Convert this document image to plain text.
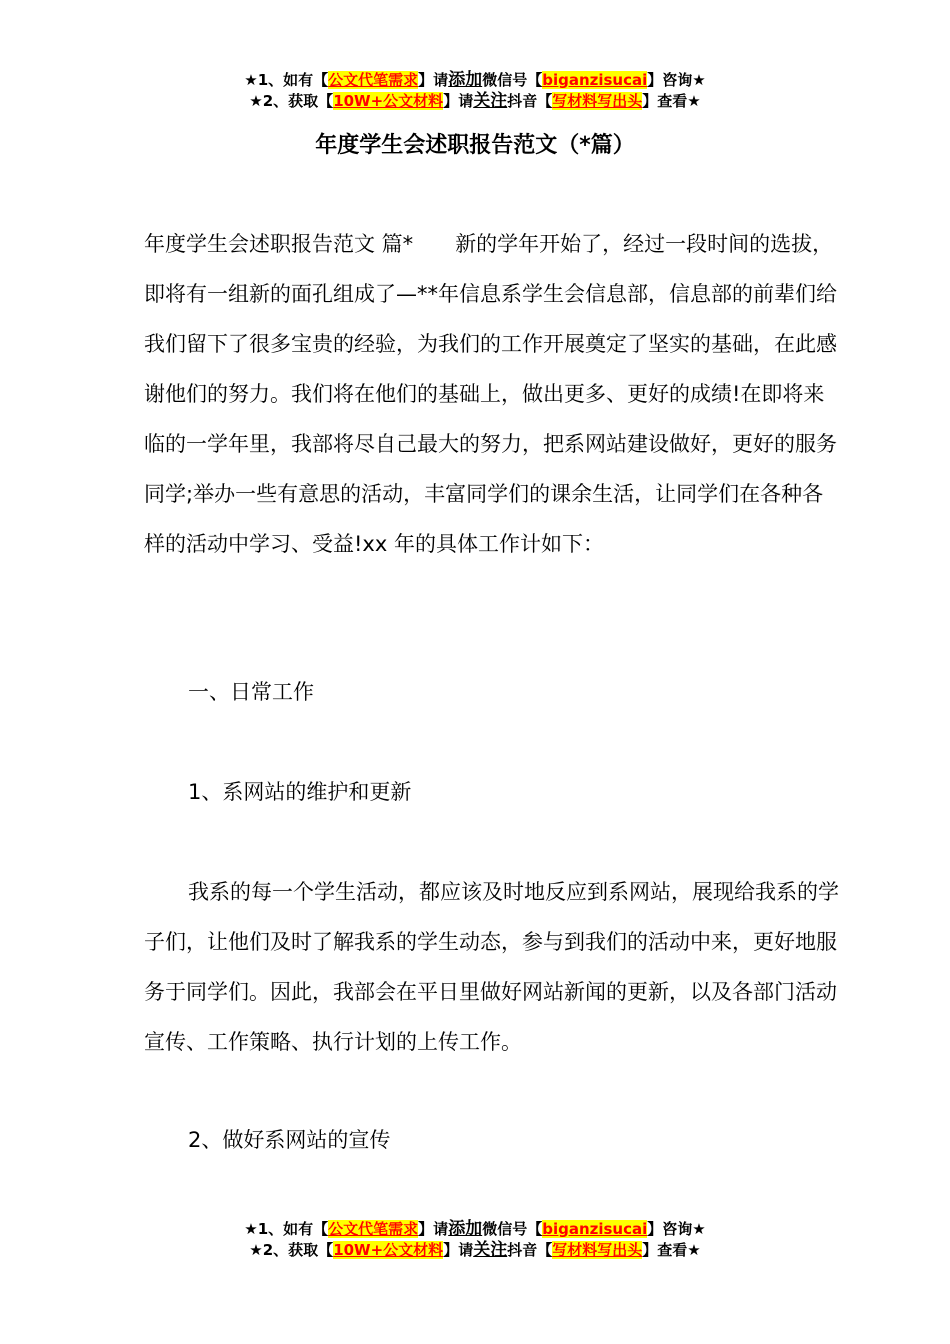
★1、如有【公文代笔需求】请添加微信号【biganzisucai】咨询★
★2、获取【10W+公文材料】请关注抖音【写材料写出头】查看★
年度学生会述职报告范文（*篇）

年度学生会述职报告范文 篇* 新的学年开始了，经过一段时间的选拔，即将有一组新的面孔组成了—**年信息系学生会信息部，信息部的前辈们给我们留下了很多宝贵的经验，为我们的工作开展奠定了坚实的基础，在此感谢他们的努力。我们将在他们的基础上，做出更多、更好的成绩!在即将来临的一学年里，我部将尽自己最大的努力，把系网站建设做好，更好的服务同学;举办一些有意思的活动，丰富同学们的课余生活，让同学们在各种各样的活动中学习、受益!xx 年的具体工作计如下：

一、日常工作

1、系网站的维护和更新

我系的每一个学生活动，都应该及时地反应到系网站，展现给我系的学子们，让他们及时了解我系的学生动态，参与到我们的活动中来，更好地服务于同学们。因此，我部会在平日里做好网站新闻的更新，以及各部门活动宣传、工作策略、执行计划的上传工作。

2、做好系网站的宣传

★1、如有【公文代笔需求】请添加微信号【biganzisucai】咨询★
★2、获取【10W+公文材料】请关注抖音【写材料写出头】查看★
